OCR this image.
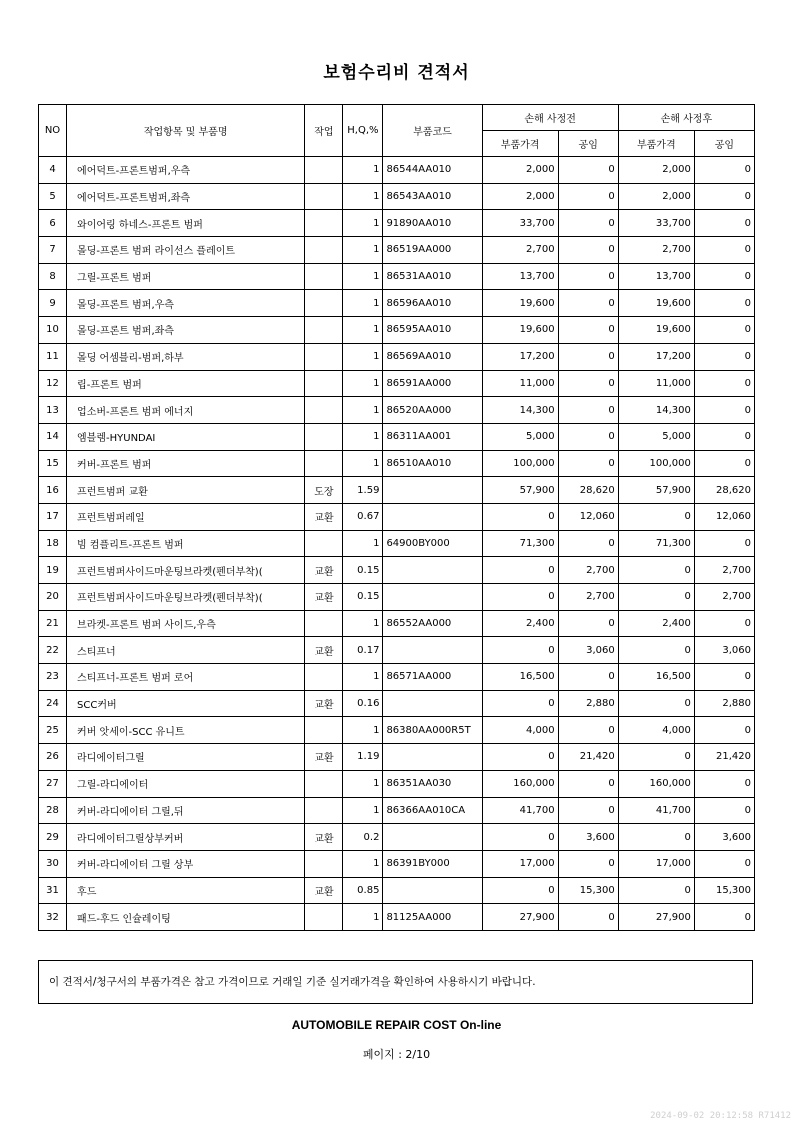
보험수리비 견적서
NO	작업항목 및 부품명	작업	H,Q,%	부품코드	손해 사정전		손해 사정후	
					부품가격	공임	부품가격	공임
4	에어덕트-프론트범퍼,우측		1	86544AA010	2,000	0	2,000	0
5	에어덕트-프론트범퍼,좌측		1	86543AA010	2,000	0	2,000	0
6	와이어링 하네스-프론트 범퍼		1	91890AA010	33,700	0	33,700	0
7	몰딩-프론트 범퍼 라이선스 플레이트		1	86519AA000	2,700	0	2,700	0
8	그릴-프론트 범퍼		1	86531AA010	13,700	0	13,700	0
9	몰딩-프론트 범퍼,우측		1	86596AA010	19,600	0	19,600	0
10	몰딩-프론트 범퍼,좌측		1	86595AA010	19,600	0	19,600	0
11	몰딩 어셈블리-범퍼,하부		1	86569AA010	17,200	0	17,200	0
12	립-프론트 범퍼		1	86591AA000	11,000	0	11,000	0
13	업소버-프론트 범퍼 에너지		1	86520AA000	14,300	0	14,300	0
14	엠블렘-HYUNDAI		1	86311AA001	5,000	0	5,000	0
15	커버-프론트 범퍼		1	86510AA010	100,000	0	100,000	0
16	프런트범퍼 교환	도장	1.59		57,900	28,620	57,900	28,620
17	프런트범퍼레일	교환	0.67		0	12,060	0	12,060
18	빔 컴플리트-프론트 범퍼		1	64900BY000	71,300	0	71,300	0
19	프런트범퍼사이드마운팅브라켓(펜더부착)(	교환	0.15		0	2,700	0	2,700
20	프런트범퍼사이드마운팅브라켓(펜더부착)(	교환	0.15		0	2,700	0	2,700
21	브라켓-프론트 범퍼 사이드,우측		1	86552AA000	2,400	0	2,400	0
22	스티프너	교환	0.17		0	3,060	0	3,060
23	스티프너-프론트 범퍼 로어		1	86571AA000	16,500	0	16,500	0
24	SCC커버	교환	0.16		0	2,880	0	2,880
25	커버 앗세이-SCC 유니트		1	86380AA000R5T	4,000	0	4,000	0
26	라디에이터그릴	교환	1.19		0	21,420	0	21,420
27	그릴-라디에이터		1	86351AA030	160,000	0	160,000	0
28	커버-라디에이터 그릴,뒤		1	86366AA010CA	41,700	0	41,700	0
29	라디에이터그릴상부커버	교환	0.2		0	3,600	0	3,600
30	커버-라디에이터 그릴 상부		1	86391BY000	17,000	0	17,000	0
31	후드	교환	0.85		0	15,300	0	15,300
32	패드-후드 인슐레이팅		1	81125AA000	27,900	0	27,900	0
이 견적서/청구서의 부품가격은 참고 가격이므로 거래일 기준 실거래가격을 확인하여 사용하시기 바랍니다.
AUTOMOBILE REPAIR COST On-line
페이지 : 2/10
2024-09-02 20:12:58 R71412
